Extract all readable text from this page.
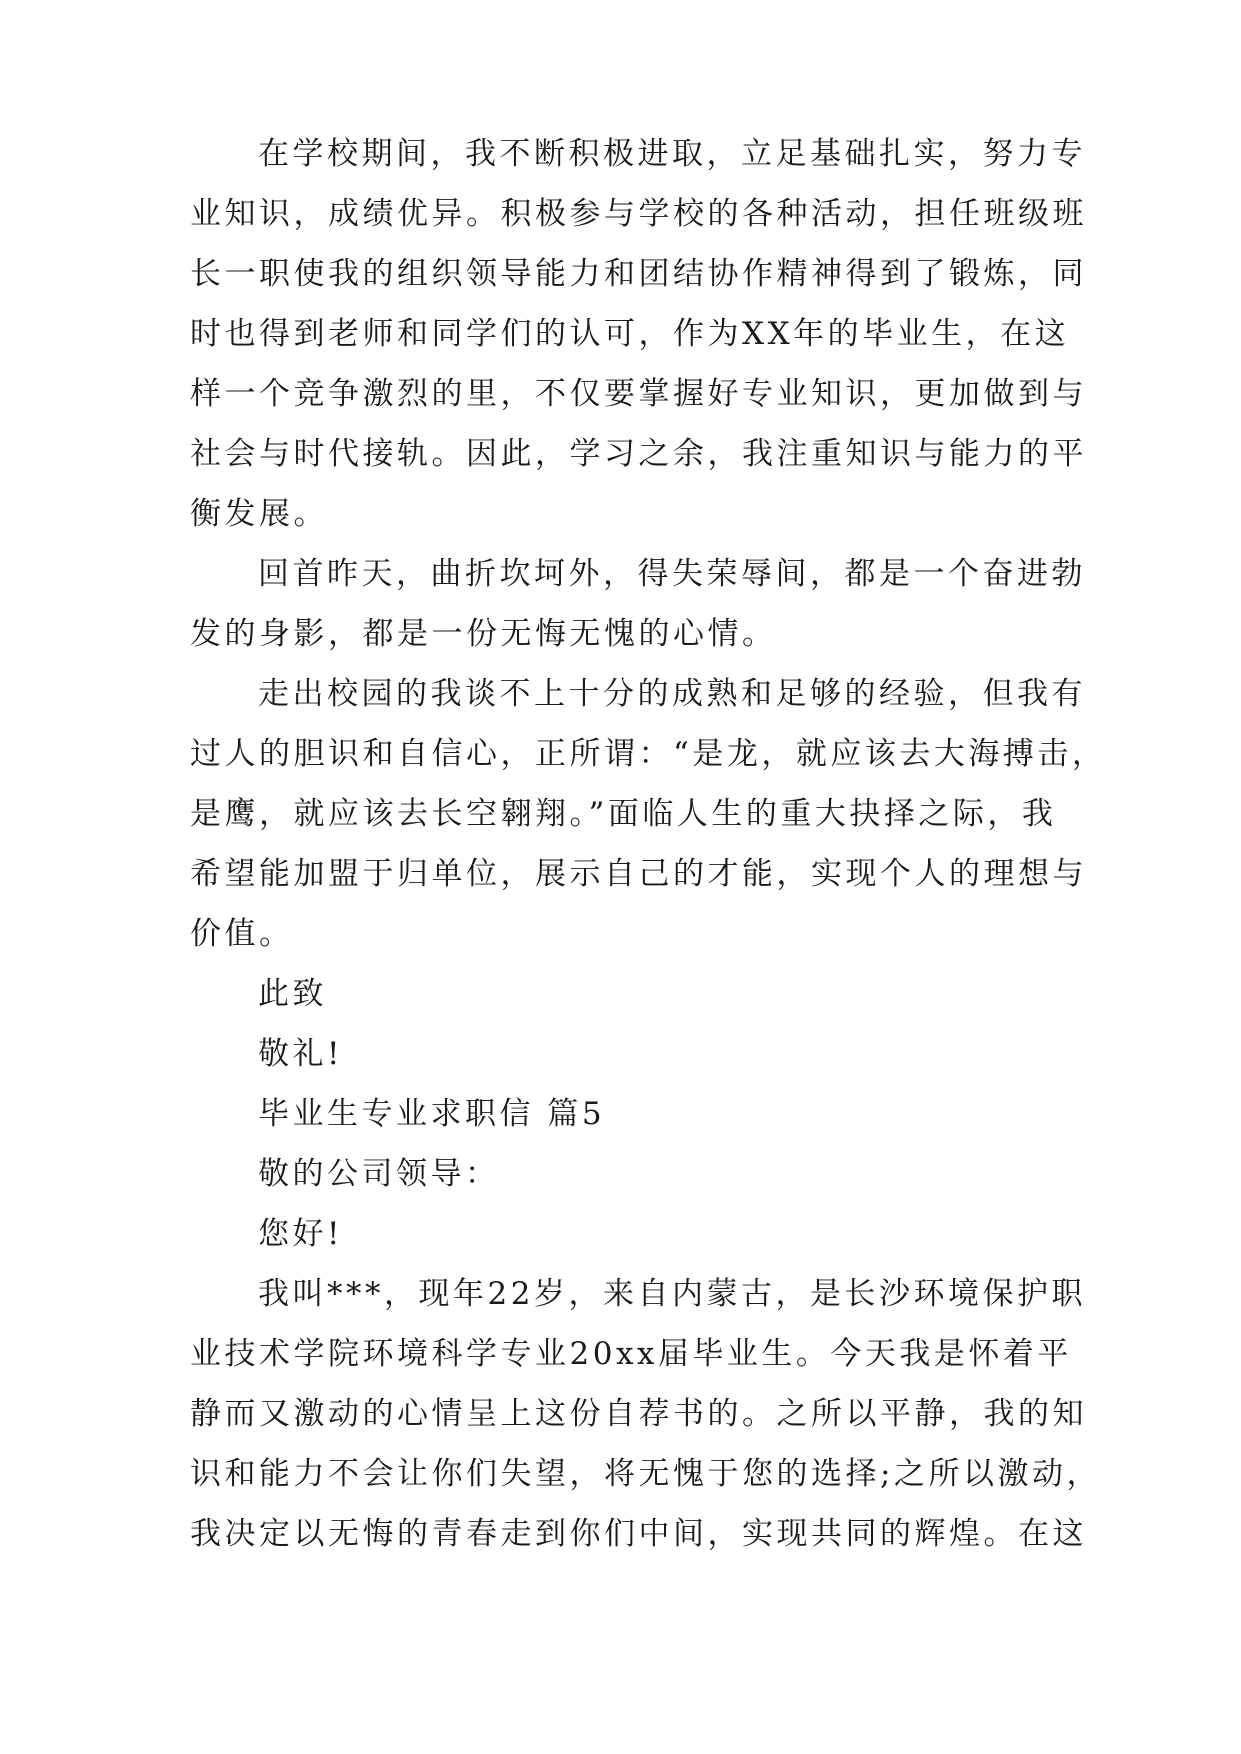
在学校期间，我不断积极进取，立足基础扎实，努力专
业知识，成绩优异。积极参与学校的各种活动，担任班级班
长一职使我的组织领导能力和团结协作精神得到了锻炼，同
时也得到老师和同学们的认可，作为XX年的毕业生，在这
样一个竞争激烈的里，不仅要掌握好专业知识，更加做到与
社会与时代接轨。因此，学习之余，我注重知识与能力的平
衡发展。
回首昨天，曲折坎坷外，得失荣辱间，都是一个奋进勃
发的身影，都是一份无悔无愧的心情。
走出校园的我谈不上十分的成熟和足够的经验，但我有
过人的胆识和自信心，正所谓：“是龙，就应该去大海搏击，
是鹰，就应该去长空翱翔。”面临人生的重大抉择之际，我
希望能加盟于归单位，展示自己的才能，实现个人的理想与
价值。
此致
敬礼!
毕业生专业求职信 篇5
敬的公司领导：
您好!
我叫***，现年22岁，来自内蒙古，是长沙环境保护职
业技术学院环境科学专业20xx届毕业生。今天我是怀着平
静而又激动的心情呈上这份自荐书的。之所以平静，我的知
识和能力不会让你们失望，将无愧于您的选择;之所以激动，
我决定以无悔的青春走到你们中间，实现共同的辉煌。在这
